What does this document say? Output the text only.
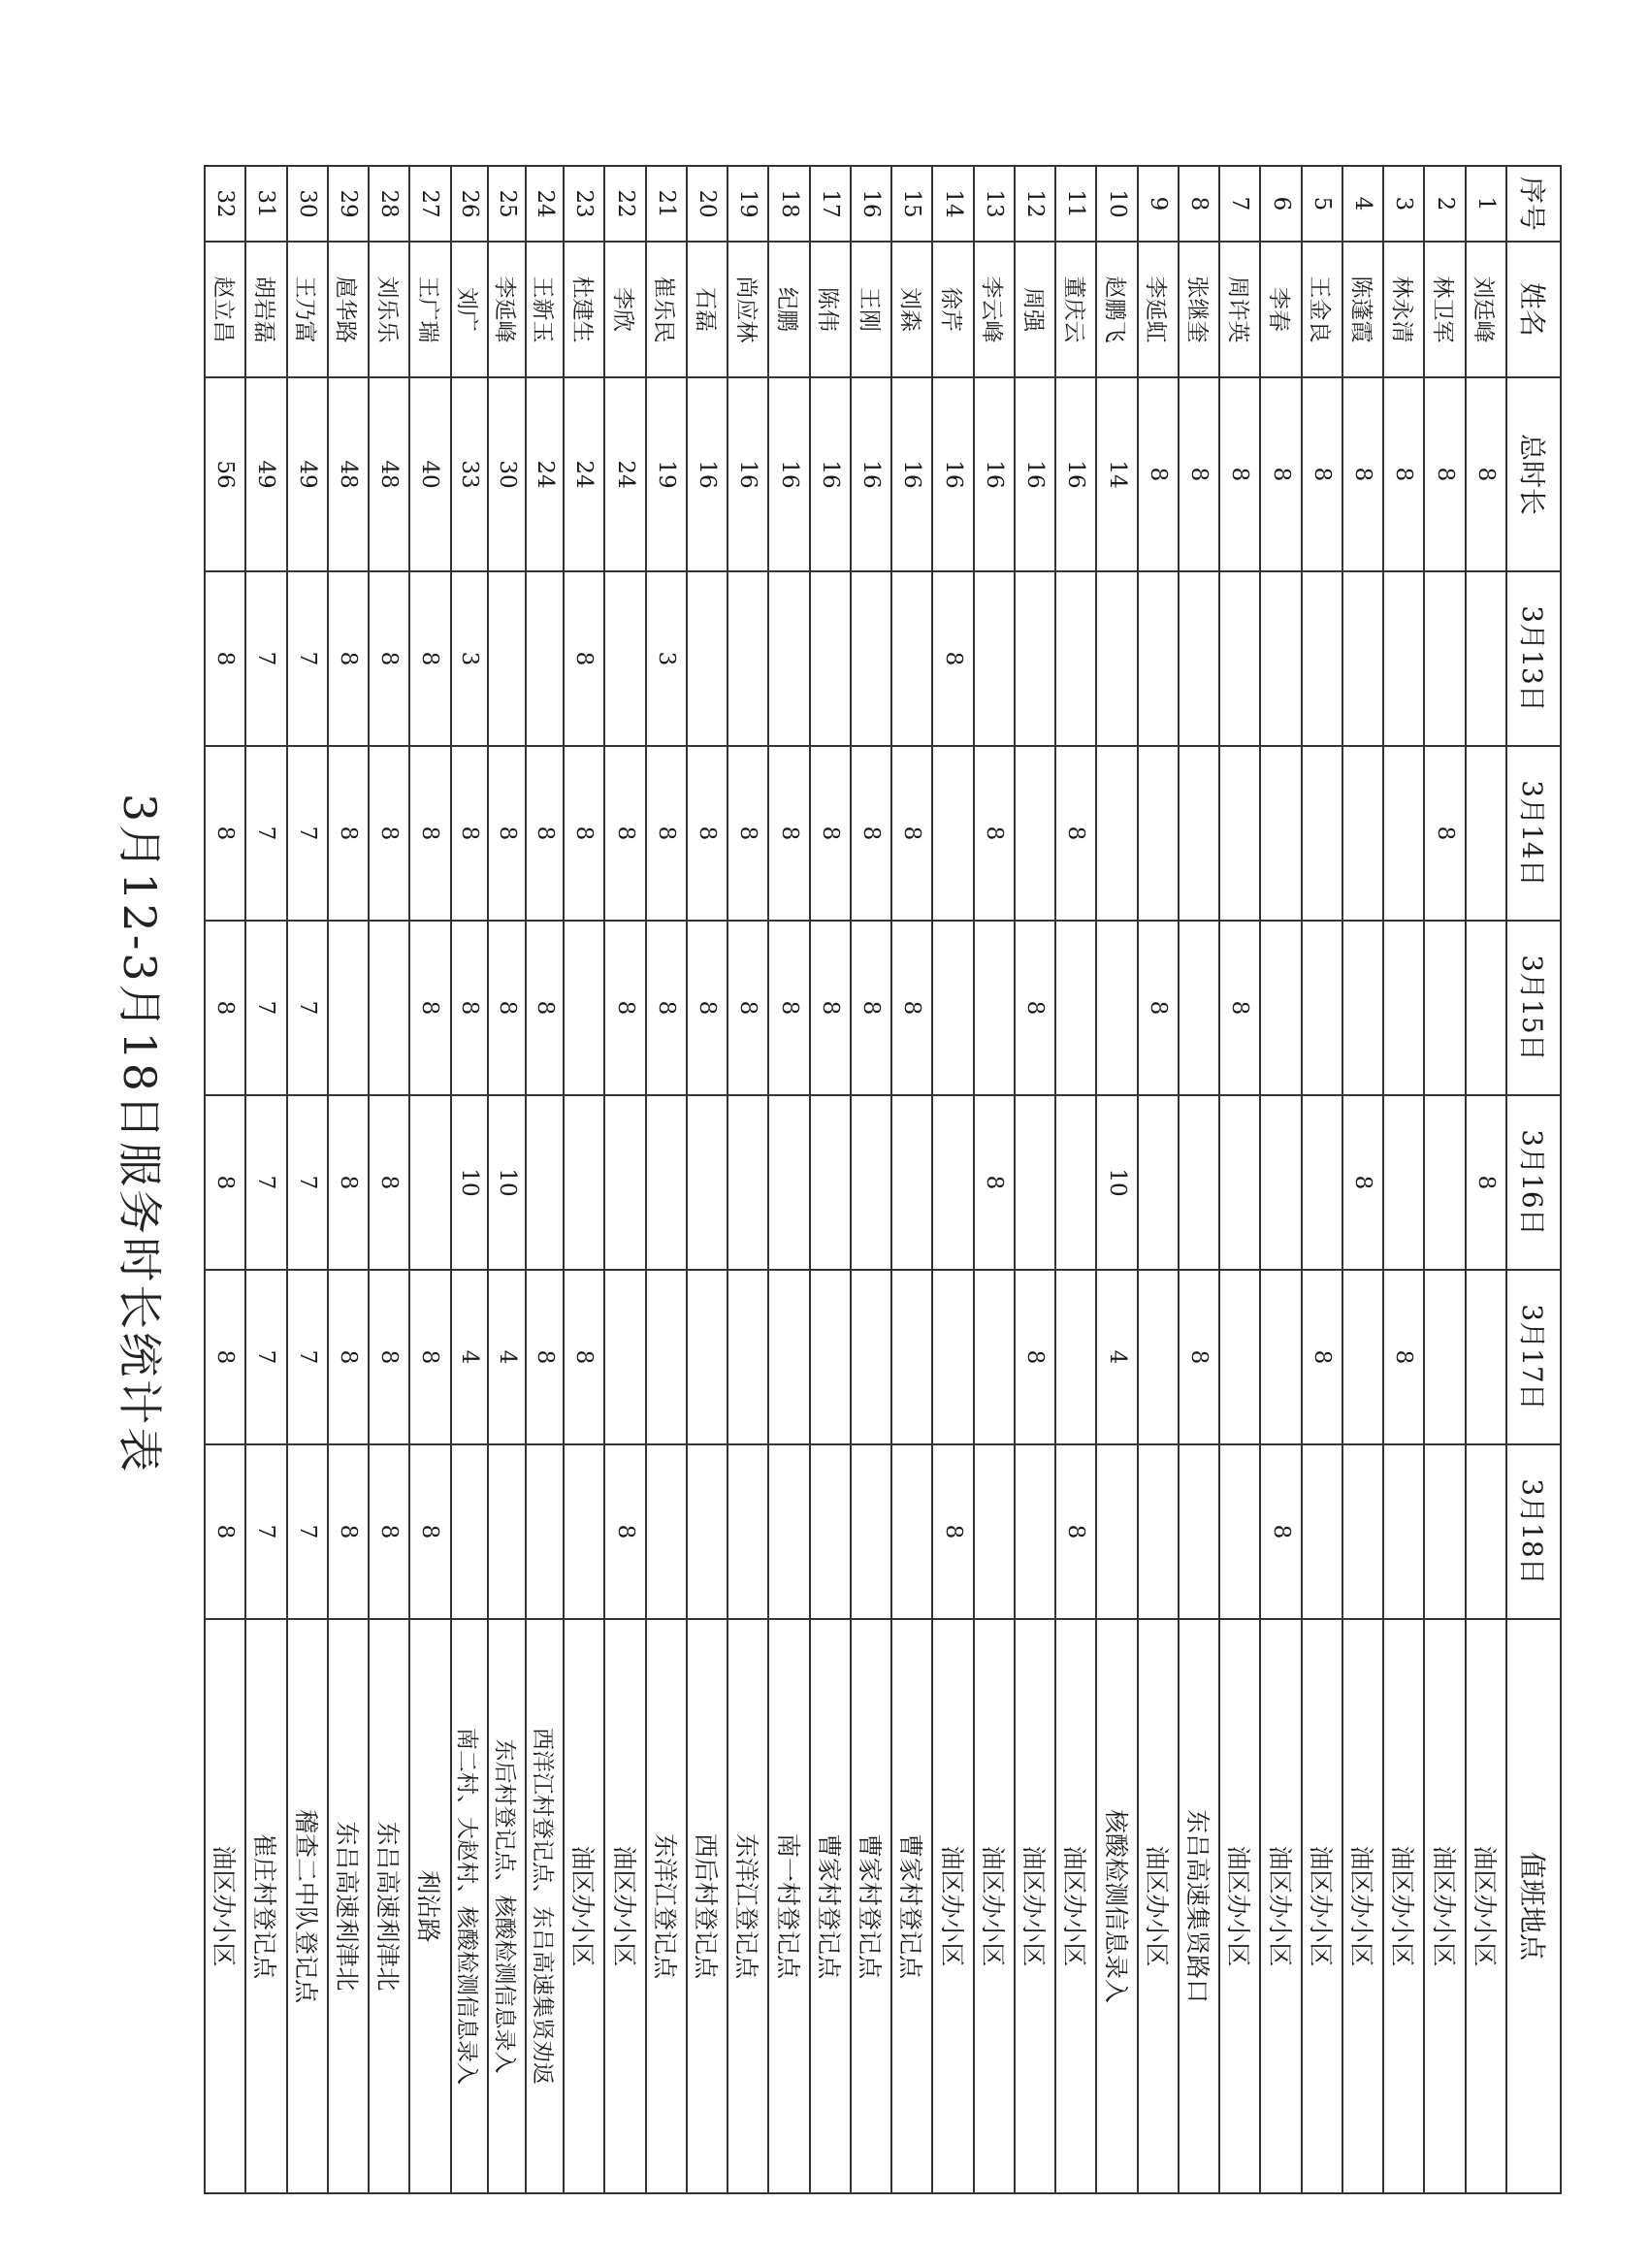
序号	姓名	总时长	3月13日	3月14日	3月15日	3月16日	3月17日	3月18日	值班地点
1	刘廷峰	8				8			油区办小区
2	林卫军	8		8					油区办小区
3	林永清	8					8		油区办小区
4	陈蓬霞	8				8			油区办小区
5	王金良	8					8		油区办小区
6	李春	8						8	油区办小区
7	周许英	8			8				油区办小区
8	张继奎	8					8		东吕高速集贤路口
9	李延虹	8			8				油区办小区
10	赵鹏飞	14				10	4		核酸检测信息录入
11	董庆云	16		8				8	油区办小区
12	周强	16			8		8		油区办小区
13	李云峰	16		8		8			油区办小区
14	徐芹	16	8					8	油区办小区
15	刘森	16		8	8				曹家村登记点
16	王刚	16		8	8				曹家村登记点
17	陈伟	16		8	8				曹家村登记点
18	纪鹏	16		8	8				南一村登记点
19	尚应林	16		8	8				东洋江登记点
20	石磊	16		8	8				西后村登记点
21	崔乐民	19	3	8	8				东洋江登记点
22	李欣	24		8	8			8	油区办小区
23	杜建生	24	8	8			8		油区办小区
24	王新玉	24		8	8		8		西洋江村登记点、东吕高速集贤劝返
25	李延峰	30		8	8	10	4		东后村登记点、核酸检测信息录入
26	刘广	33	3	8	8	10	4		南二村、大赵村、核酸检测信息录入
27	王广瑞	40	8	8	8		8	8	利沾路
28	刘乐乐	48	8	8		8	8	8	东吕高速利津北
29	扈华路	48	8	8		8	8	8	东吕高速利津北
30	王乃富	49	7	7	7	7	7	7	稽查二中队登记点
31	胡岩磊	49	7	7	7	7	7	7	崔庄村登记点
32	赵立昌	56	8	8	8	8	8	8	油区办小区
3月12-3月18日服务时长统计表
